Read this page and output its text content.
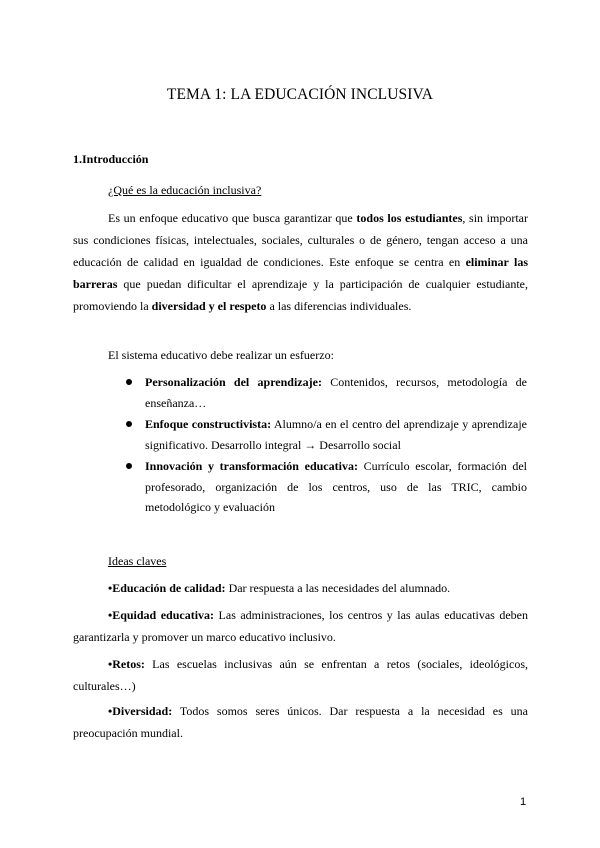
TEMA 1: LA EDUCACIÓN INCLUSIVA
1.Introducción
¿Qué es la educación inclusiva?

Es un enfoque educativo que busca garantizar que todos los estudiantes, sin importar sus condiciones físicas, intelectuales, sociales, culturales o de género, tengan acceso a una educación de calidad en igualdad de condiciones. Este enfoque se centra en eliminar las barreras que puedan dificultar el aprendizaje y la participación de cualquier estudiante, promoviendo la diversidad y el respeto a las diferencias individuales.

El sistema educativo debe realizar un esfuerzo:
Personalización del aprendizaje: Contenidos, recursos, metodología de enseñanza…
Enfoque constructivista: Alumno/a en el centro del aprendizaje y aprendizaje significativo. Desarrollo integral → Desarrollo social
Innovación y transformación educativa: Currículo escolar, formación del profesorado, organización de los centros, uso de las TRIC, cambio metodológico y evaluación
Ideas claves

•Educación de calidad: Dar respuesta a las necesidades del alumnado.

•Equidad educativa: Las administraciones, los centros y las aulas educativas deben garantizarla y promover un marco educativo inclusivo.

•Retos: Las escuelas inclusivas aún se enfrentan a retos (sociales, ideológicos, culturales…)

•Diversidad: Todos somos seres únicos. Dar respuesta a la necesidad es una preocupación mundial.

1
